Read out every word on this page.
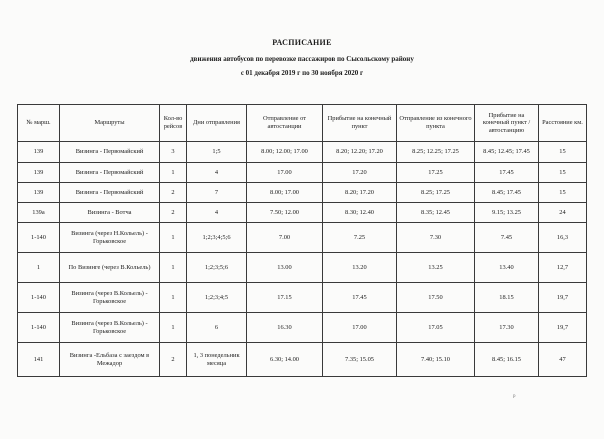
РАСПИСАНИЕ
движения автобусов по перевозке пассажиров по Сысольскому району
с 01 декабря 2019 г по 30 ноября 2020 г
№ марш.	Маршруты	Кол-во рейсов	Дни отправления	Отправление от автостанции	Прибытие на конечный пункт	Отправление из конечного пункта	Прибытие на конечный пункт / автостанцию	Расстояние км.
139	Визинга - Первомайский	3	1;5	8.00; 12.00; 17.00	8.20; 12.20; 17.20	8.25; 12.25; 17.25	8.45; 12.45; 17.45	15
139	Визинга - Первомайский	1	4	17.00	17.20	17.25	17.45	15
139	Визинга - Первомайский	2	7	8.00; 17.00	8.20; 17.20	8.25; 17.25	8.45; 17.45	15
139а	Визинга - Вотча	2	4	7.50; 12.00	8.30; 12.40	8.35; 12.45	9.15; 13.25	24
1-140	Визинга (через Н.Кольель) - Горьковское	1	1;2;3;4;5;6	7.00	7.25	7.30	7.45	16,3
1	По Визинге (через В.Кольель)	1	1;2;3;5;6	13.00	13.20	13.25	13.40	12,7
1-140	Визинга (через В.Кольель) - Горьковское	1	1;2;3;4;5	17.15	17.45	17.50	18.15	19,7
1-140	Визинга (через В.Кольель) - Горьковское	1	6	16.30	17.00	17.05	17.30	19,7
141	Визинга -Ельбаза с заездом в Межадор	2	1, 3 понедельник месяца	6.30; 14.00	7.35; 15.05	7.40; 15.10	8.45; 16.15	47
р
